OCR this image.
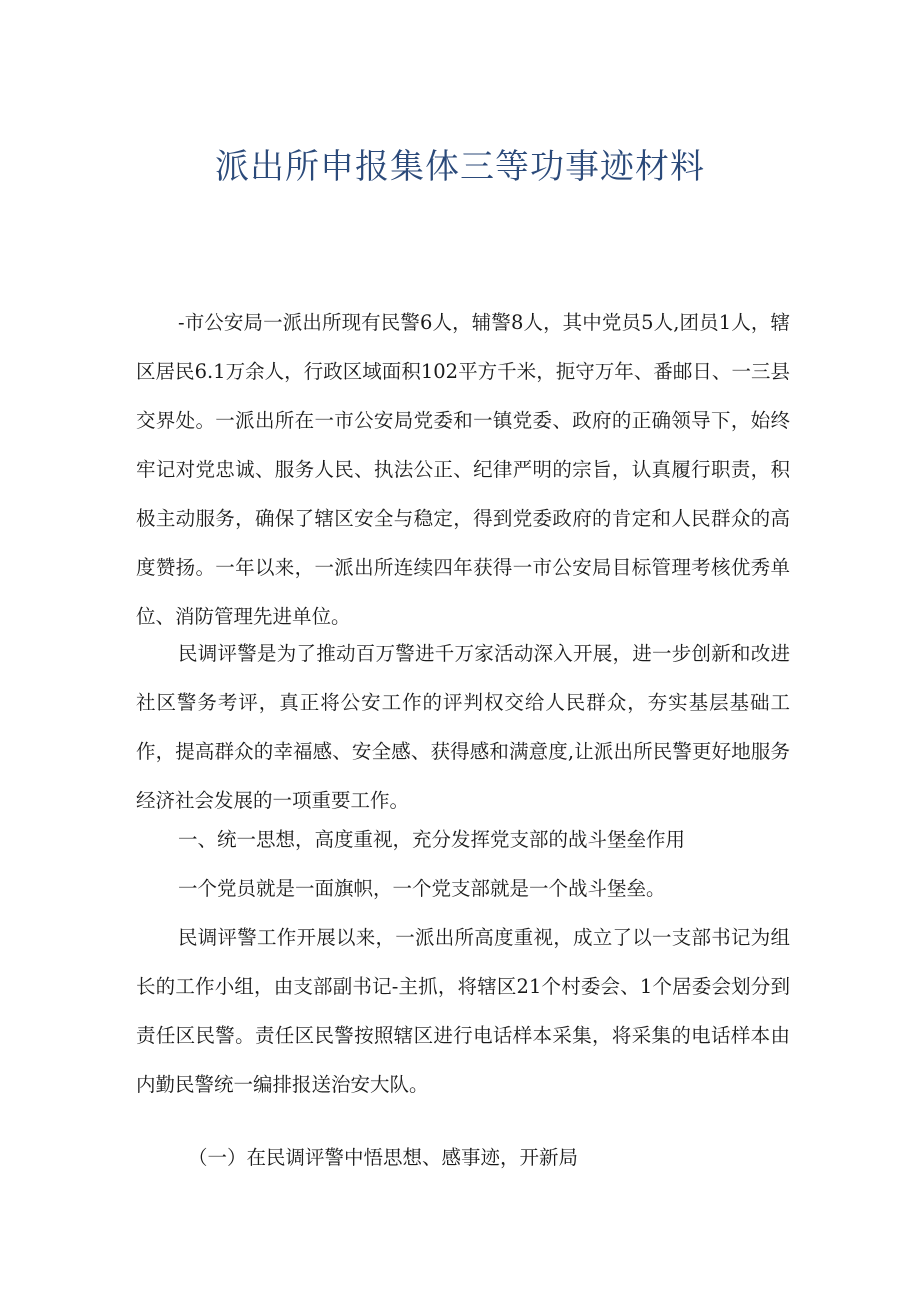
派出所申报集体三等功事迹材料

-市公安局一派出所现有民警6人，辅警8人，其中党员5人,团员1人，辖区居民6.1万余人，行政区域面积102平方千米，扼守万年、番邮日、一三县交界处。一派出所在一市公安局党委和一镇党委、政府的正确领导下，始终牢记对党忠诚、服务人民、执法公正、纪律严明的宗旨，认真履行职责，积极主动服务，确保了辖区安全与稳定，得到党委政府的肯定和人民群众的高度赞扬。一年以来，一派出所连续四年获得一市公安局目标管理考核优秀单位、消防管理先进单位。

民调评警是为了推动百万警进千万家活动深入开展，进一步创新和改进社区警务考评，真正将公安工作的评判权交给人民群众，夯实基层基础工作，提高群众的幸福感、安全感、获得感和满意度,让派出所民警更好地服务经济社会发展的一项重要工作。

一、统一思想，高度重视，充分发挥党支部的战斗堡垒作用

一个党员就是一面旗帜，一个党支部就是一个战斗堡垒。

民调评警工作开展以来，一派出所高度重视，成立了以一支部书记为组长的工作小组，由支部副书记-主抓，将辖区21个村委会、1个居委会划分到责任区民警。责任区民警按照辖区进行电话样本采集，将采集的电话样本由内勤民警统一编排报送治安大队。

（一）在民调评警中悟思想、感事迹，开新局
